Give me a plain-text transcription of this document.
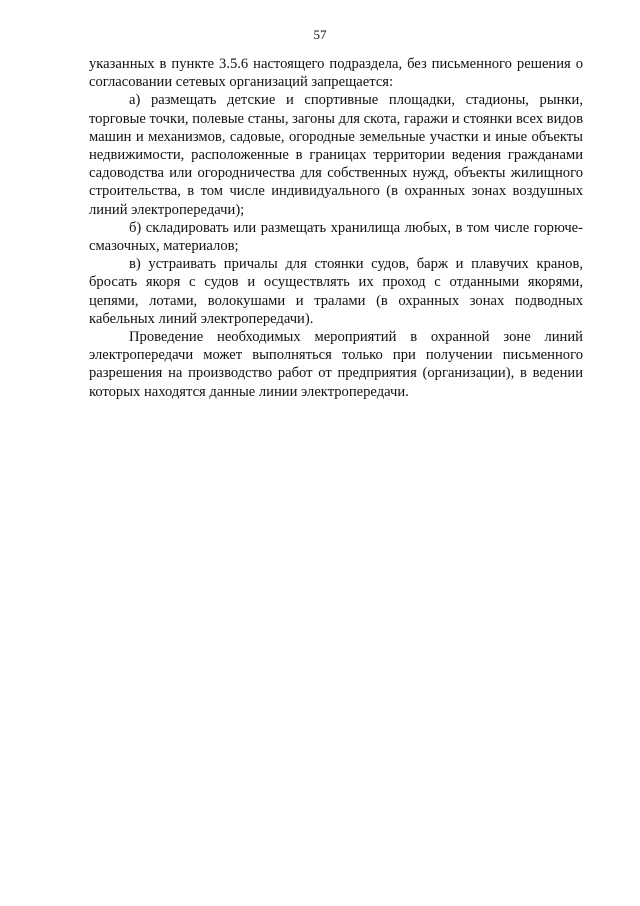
57

указанных в пункте 3.5.6 настоящего подраздела, без письменного решения о согласовании сетевых организаций запрещается:

а) размещать детские и спортивные площадки, стадионы, рынки, торговые точки, полевые станы, загоны для скота, гаражи и стоянки всех видов машин и механизмов, садовые, огородные земельные участки и иные объекты недвижимости, расположенные в границах территории ведения гражданами садоводства или огородничества для собственных нужд, объекты жилищного строительства, в том числе индивидуального (в охранных зонах воздушных линий электропередачи);

б) складировать или размещать хранилища любых, в том числе горюче-смазочных, материалов;

в) устраивать причалы для стоянки судов, барж и плавучих кранов, бросать якоря с судов и осуществлять их проход с отданными якорями, цепями, лотами, волокушами и тралами (в охранных зонах подводных кабельных линий электропередачи).

Проведение необходимых мероприятий в охранной зоне линий электропередачи может выполняться только при получении письменного разрешения на производство работ от предприятия (организации), в ведении которых находятся данные линии электропередачи.
